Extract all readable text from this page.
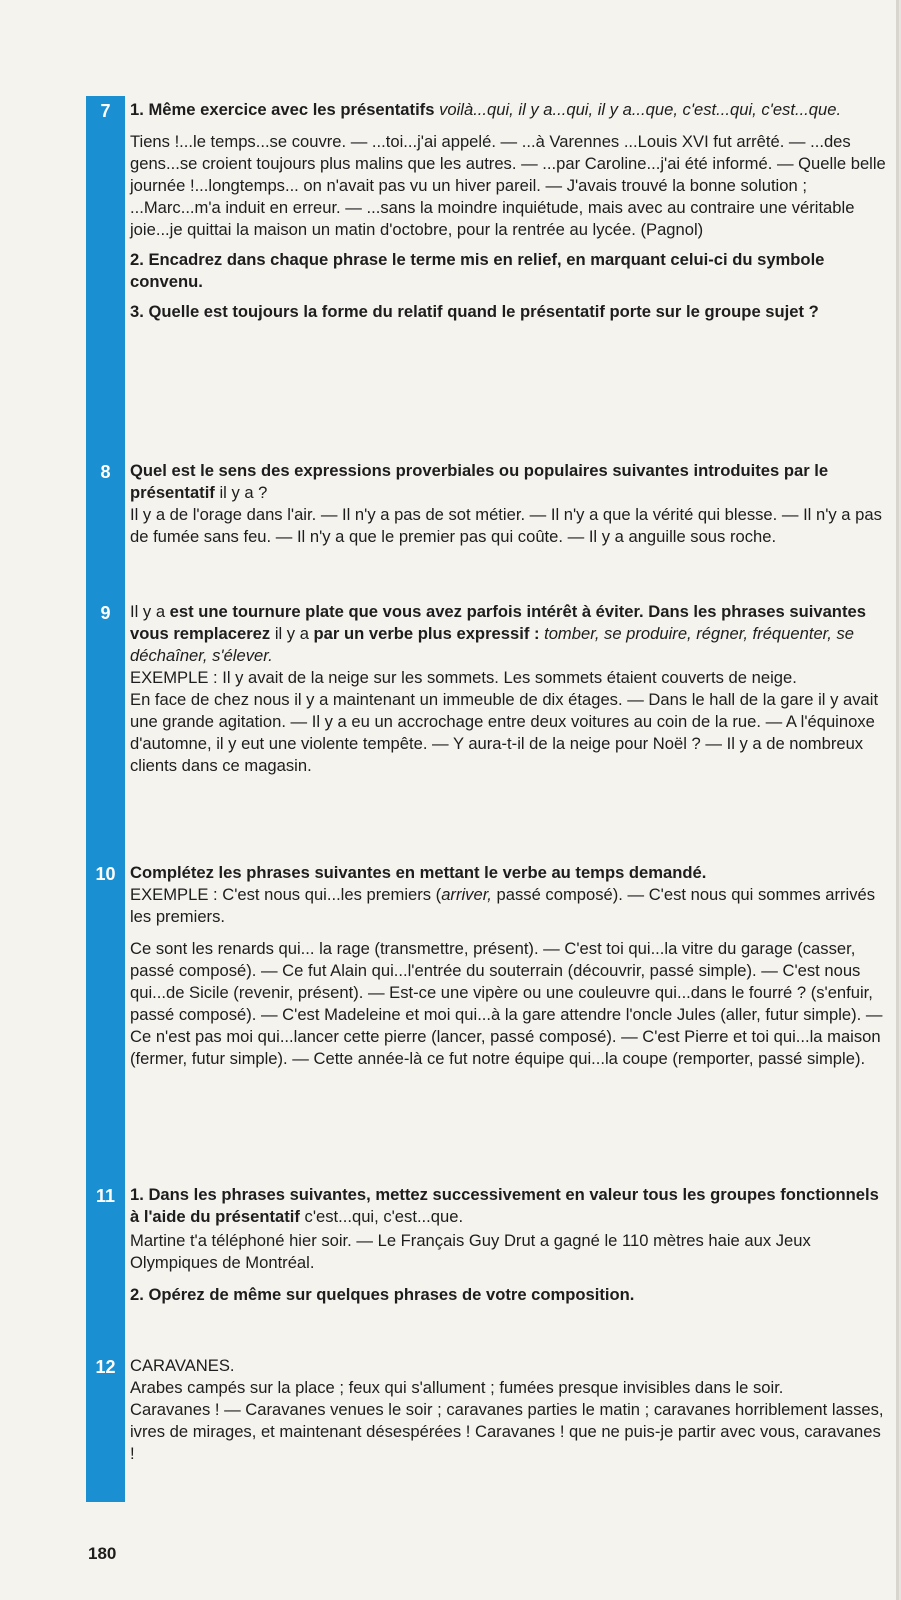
7	1. Même exercice avec les présentatifs voilà...qui, il y a...qui, il y a...que, c'est...qui, c'est...que.

Tiens !...le temps...se couvre. — ...toi...j'ai appelé. — ...à Varennes ...Louis XVI fut arrêté. — ...des gens...se croient toujours plus malins que les autres. — ...par Caroline...j'ai été informé. — Quelle belle journée !...longtemps... on n'avait pas vu un hiver pareil. — J'avais trouvé la bonne solution ; ...Marc...m'a induit en erreur. — ...sans la moindre inquiétude, mais avec au contraire une véritable joie...je quittai la maison un matin d'octobre, pour la rentrée au lycée. (Pagnol)

2. Encadrez dans chaque phrase le terme mis en relief, en marquant celui-ci du symbole convenu.

3. Quelle est toujours la forme du relatif quand le présentatif porte sur le groupe sujet ?

8	Quel est le sens des expressions proverbiales ou populaires suivantes introduites par le présentatif il y a ?

Il y a de l'orage dans l'air. — Il n'y a pas de sot métier. — Il n'y a que la vérité qui blesse. — Il n'y a pas de fumée sans feu. — Il n'y a que le premier pas qui coûte. — Il y a anguille sous roche.

9	Il y a est une tournure plate que vous avez parfois intérêt à éviter. Dans les phrases suivantes vous remplacerez il y a par un verbe plus expressif : tomber, se produire, régner, fréquenter, se déchaîner, s'élever.

EXEMPLE : Il y avait de la neige sur les sommets. Les sommets étaient couverts de neige.

En face de chez nous il y a maintenant un immeuble de dix étages. — Dans le hall de la gare il y avait une grande agitation. — Il y a eu un accrochage entre deux voitures au coin de la rue. — A l'équinoxe d'automne, il y eut une violente tempête. — Y aura-t-il de la neige pour Noël ? — Il y a de nombreux clients dans ce magasin.

10 Complétez les phrases suivantes en mettant le verbe au temps demandé.

EXEMPLE : C'est nous qui...les premiers (arriver, passé composé). — C'est nous qui sommes arrivés les premiers.

Ce sont les renards qui... la rage (transmettre, présent). — C'est toi qui...la vitre du garage (casser, passé composé). — Ce fut Alain qui...l'entrée du souterrain (découvrir, passé simple). — C'est nous qui...de Sicile (revenir, présent). — Est-ce une vipère ou une couleuvre qui...dans le fourré ? (s'enfuir, passé composé). — C'est Madeleine et moi qui...à la gare attendre l'oncle Jules (aller, futur simple). — Ce n'est pas moi qui...lancer cette pierre (lancer, passé composé). — C'est Pierre et toi qui...la maison (fermer, futur simple). — Cette année-là ce fut notre équipe qui...la coupe (remporter, passé simple).

11 1. Dans les phrases suivantes, mettez successivement en valeur tous les groupes fonctionnels à l'aide du présentatif c'est...qui, c'est...que.

Martine t'a téléphoné hier soir. — Le Français Guy Drut a gagné le 110 mètres haie aux Jeux Olympiques de Montréal.

2. Opérez de même sur quelques phrases de votre composition.

12 CARAVANES.

Arabes campés sur la place ; feux qui s'allument ; fumées presque invisibles dans le soir.

Caravanes ! — Caravanes venues le soir ; caravanes parties le matin ; caravanes horriblement lasses, ivres de mirages, et maintenant désespérées ! Caravanes ! que ne puis-je partir avec vous, caravanes !

180
